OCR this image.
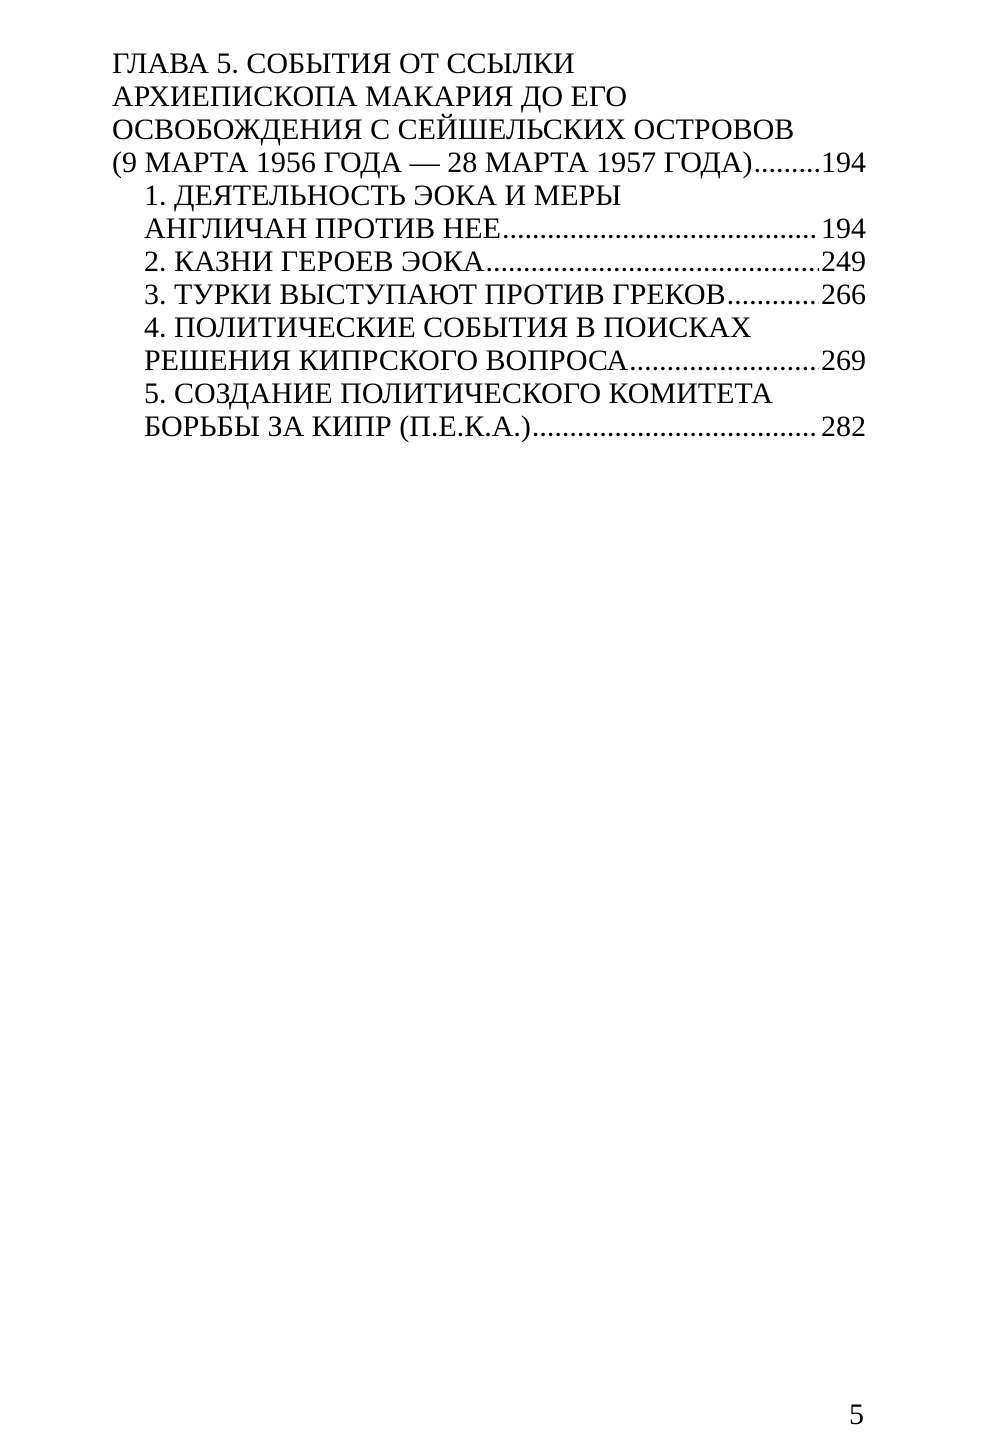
ГЛАВА 5. СОБЫТИЯ ОТ ССЫЛКИ
АРХИЕПИСКОПА МАКАРИЯ ДО ЕГО
ОСВОБОЖДЕНИЯ С СЕЙШЕЛЬСКИХ ОСТРОВОВ
(9 МАРТА 1956 ГОДА — 28 МАРТА 1957 ГОДА) ..... 194
1. ДЕЯТЕЛЬНОСТЬ ЭОКА И МЕРЫ
АНГЛИЧАН ПРОТИВ НЕЕ .....	194
2. КАЗНИ ГЕРОЕВ ЭОКА .....	249
3. ТУРКИ ВЫСТУПАЮТ ПРОТИВ ГРЕКОВ .....	266
4. ПОЛИТИЧЕСКИЕ СОБЫТИЯ В ПОИСКАХ
РЕШЕНИЯ КИПРСКОГО ВОПРОСА .....	269
5. СОЗДАНИЕ ПОЛИТИЧЕСКОГО КОМИТЕТА
БОРЬБЫ ЗА КИПР (П.Е.К.А.) .....	282
5
